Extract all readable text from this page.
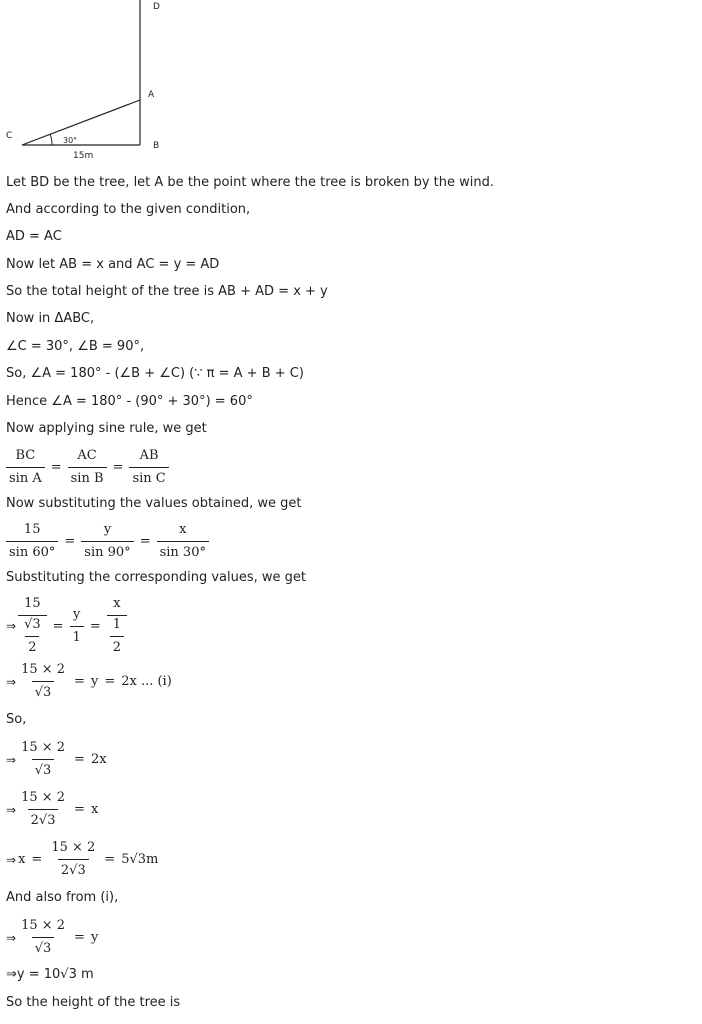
D
A
C
B
30°
15m
Let BD be the tree, let A be the point where the tree is broken by the wind.
And according to the given condition,
AD = AC
Now let AB = x and AC = y = AD
So the total height of the tree is AB + AD = x + y
Now in ΔABC,
∠C = 30°, ∠B = 90°,
So, ∠A = 180° - (∠B + ∠C) (∵ π = A + B + C)
Hence ∠A = 180° - (90° + 30°) = 60°
Now applying sine rule, we get
$\frac{BC}{\text{sin A}} = \frac{AC}{\text{sin B}} = \frac{AB}{\text{sin C}}$
Now substituting the values obtained, we get
$\frac{15}{\sin 60^\circ} = \frac{y}{\sin 90^\circ} = \frac{x}{\sin 30^\circ}$
Substituting the corresponding values, we get
⇒ $\frac{15}{\frac{√3}{2}} = \frac{y}{1} = \frac{x}{\frac{1}{2}}$
⇒ $\frac{15 \times 2}{√3} = y = 2x$ ... (i)
So,
⇒ $\frac{15 \times 2}{√3} = 2x$
⇒ $\frac{15 \times 2}{2√3} = x$
⇒ $x = \frac{15 \times 2}{2√3} = 5√3m$
And also from (i),
⇒ $\frac{15 \times 2}{√3} = y$
⇒y = 10√3 m
So the height of the tree is
